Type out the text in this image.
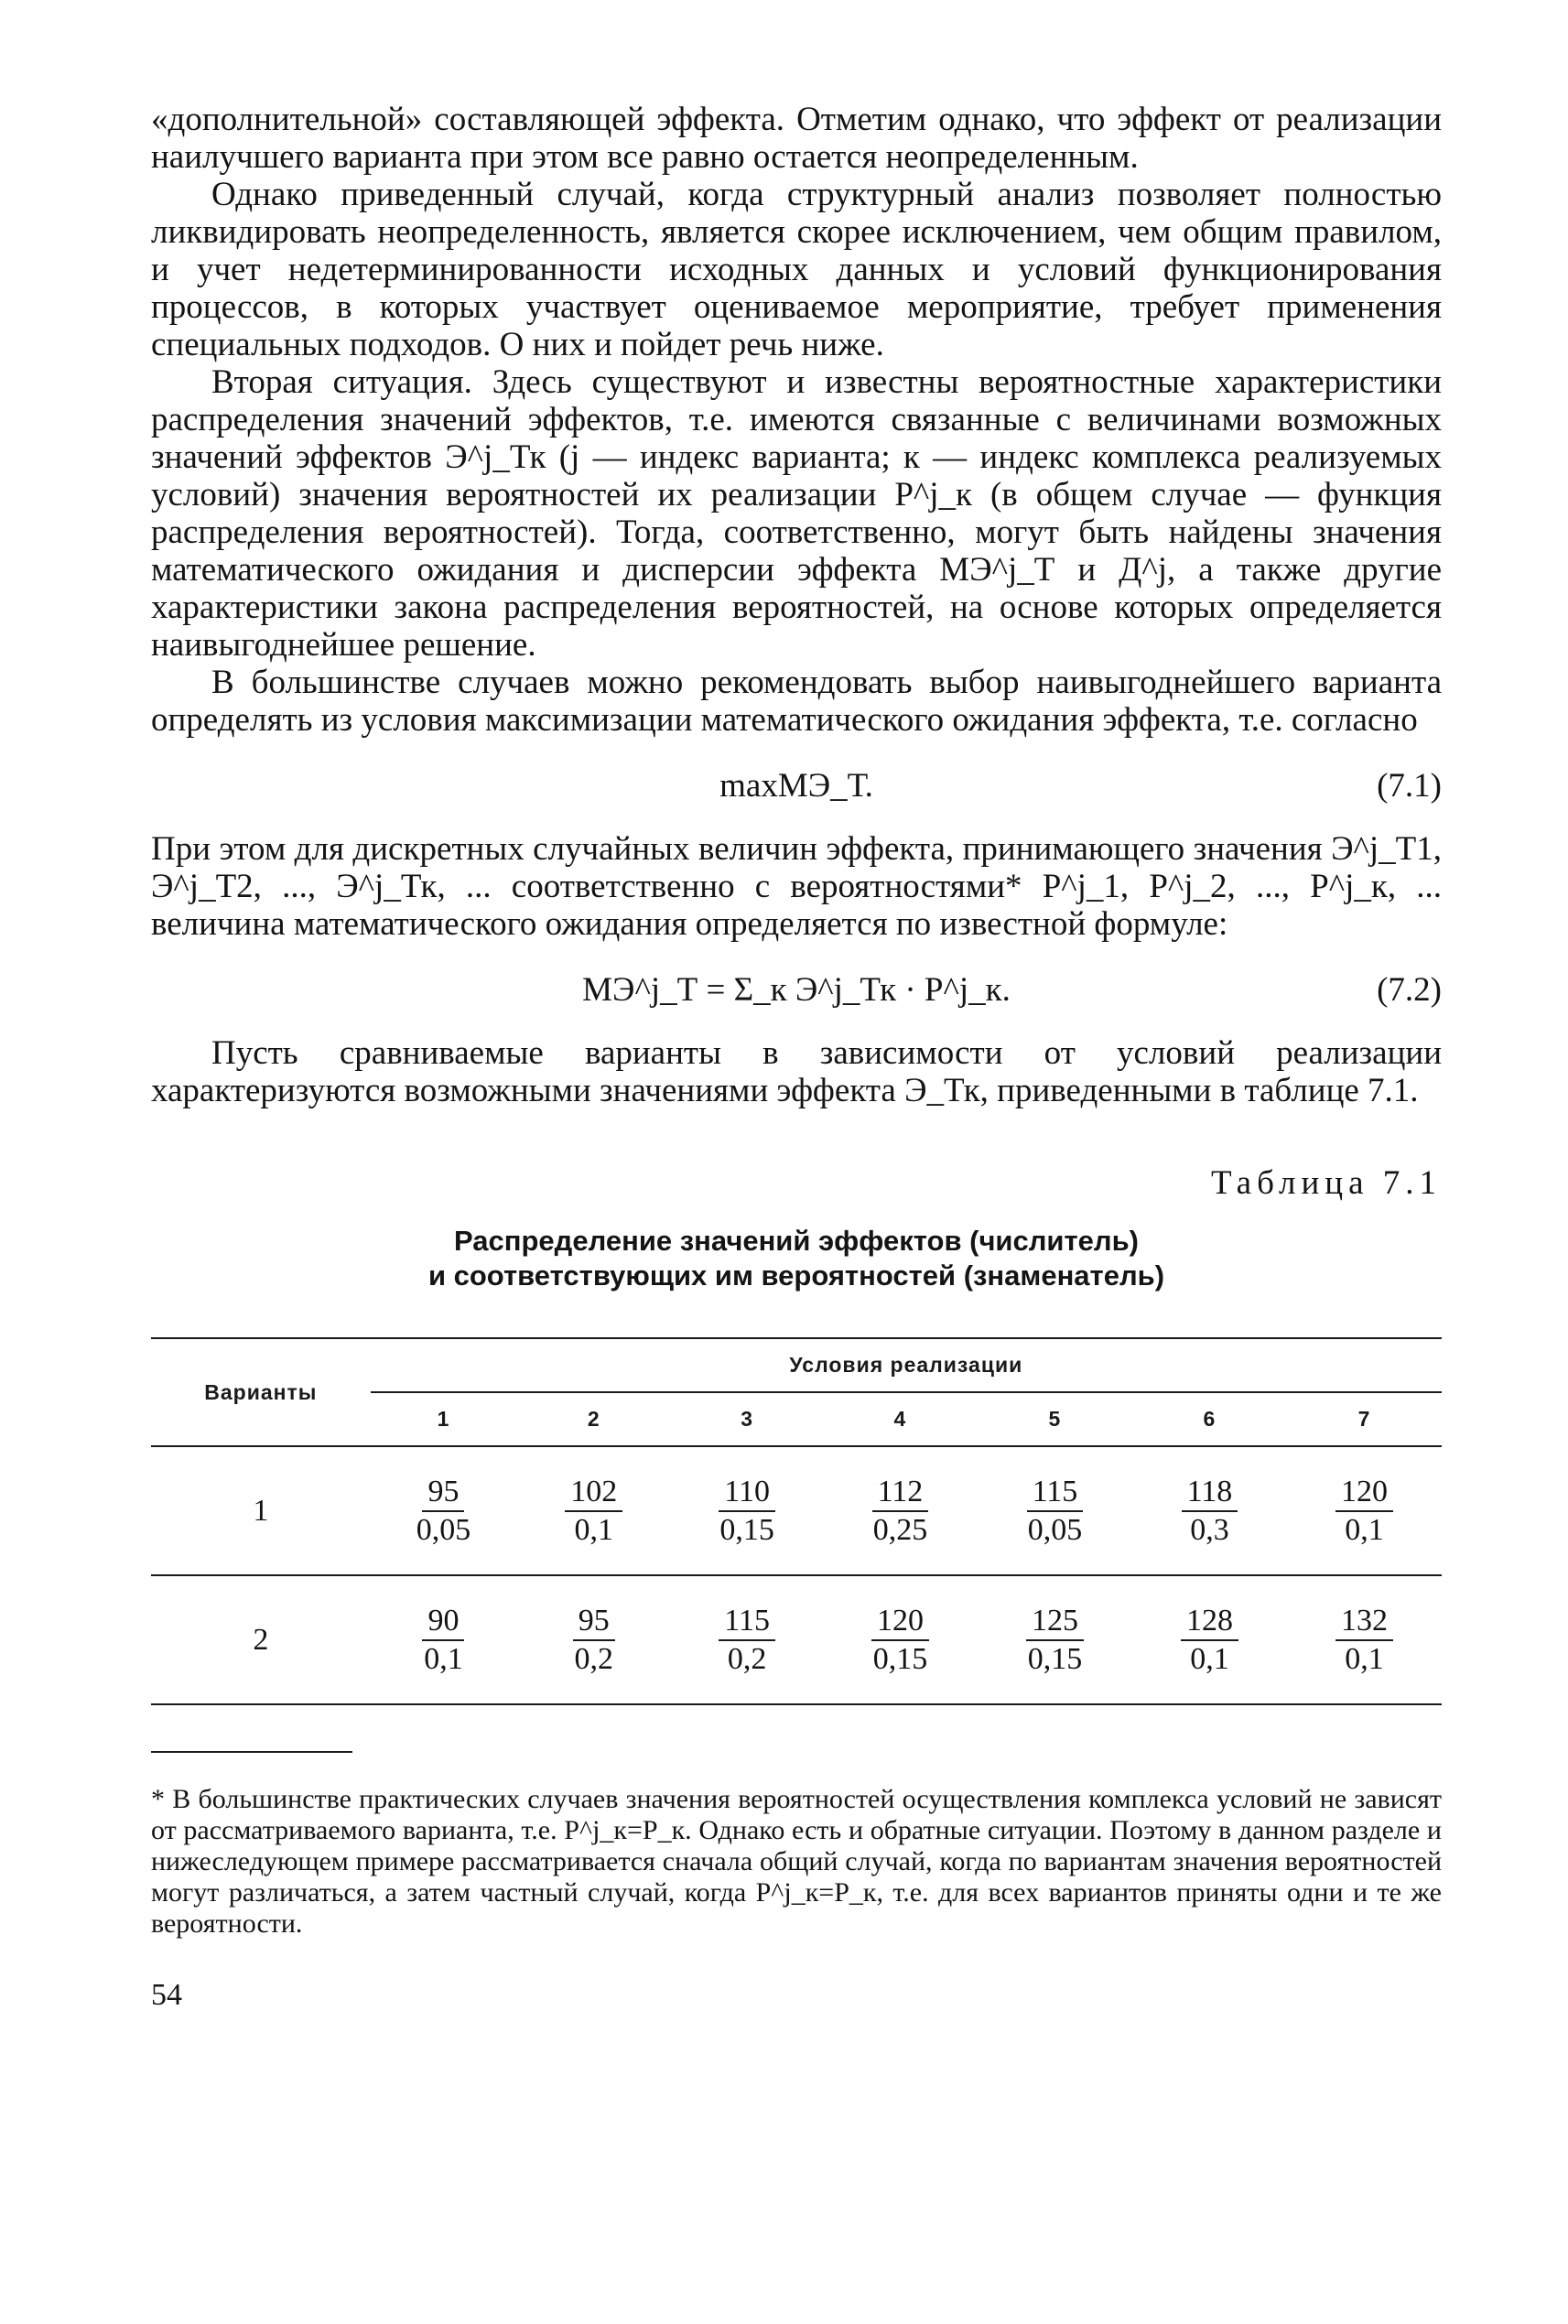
«дополнительной» составляющей эффекта. Отметим однако, что эффект от реализации наилучшего варианта при этом все равно остается неопределенным.

Однако приведенный случай, когда структурный анализ позволяет полностью ликвидировать неопределенность, является скорее исключением, чем общим правилом, и учет недетерминированности исходных данных и условий функционирования процессов, в которых участвует оцениваемое мероприятие, требует применения специальных подходов. О них и пойдет речь ниже.

Вторая ситуация. Здесь существуют и известны вероятностные характеристики распределения значений эффектов, т.е. имеются связанные с величинами возможных значений эффектов Э^j_Тк (j — индекс варианта; к — индекс комплекса реализуемых условий) значения вероятностей их реализации P^j_к (в общем случае — функция распределения вероятностей). Тогда, соответственно, могут быть найдены значения математического ожидания и дисперсии эффекта МЭ^j_Т и Д^j, а также другие характеристики закона распределения вероятностей, на основе которых определяется наивыгоднейшее решение.

В большинстве случаев можно рекомендовать выбор наивыгоднейшего варианта определять из условия максимизации математического ожидания эффекта, т.е. согласно

maxМЭ_Т.	(7.1)

При этом для дискретных случайных величин эффекта, принимающего значения Э^j_Т1, Э^j_Т2, ..., Э^j_Тк, ... соответственно с вероятностями* P^j_1, P^j_2, ..., P^j_к, ... величина математического ожидания определяется по известной формуле:

МЭ^j_Т = Σ_к Э^j_Тк · P^j_к.	(7.2)

Пусть сравниваемые варианты в зависимости от условий реализации характеризуются возможными значениями эффекта Э_Тк, приведенными в таблице 7.1.

Таблица 7.1
Распределение значений эффектов (числитель)
и соответствующих им вероятностей (знаменатель)
Варианты	Условия реализации						
	1	2	3	4	5	6	7
1	$\frac{95}{0,05}$	$\frac{102}{0,1}$	$\frac{110}{0,15}$	$\frac{112}{0,25}$	$\frac{115}{0,05}$	$\frac{118}{0,3}$	$\frac{120}{0,1}$

2	$\frac{90}{0,1}$	$\frac{95}{0,2}$	$\frac{115}{0,2}$	$\frac{120}{0,15}$	$\frac{125}{0,15}$	$\frac{128}{0,1}$	$\frac{132}{0,1}$
* В большинстве практических случаев значения вероятностей осуществления комплекса условий не зависят от рассматриваемого варианта, т.е. P^j_к=P_к. Однако есть и обратные ситуации. Поэтому в данном разделе и нижеследующем примере рассматривается сначала общий случай, когда по вариантам значения вероятностей могут различаться, а затем частный случай, когда P^j_к=P_к, т.е. для всех вариантов приняты одни и те же вероятности.
54
